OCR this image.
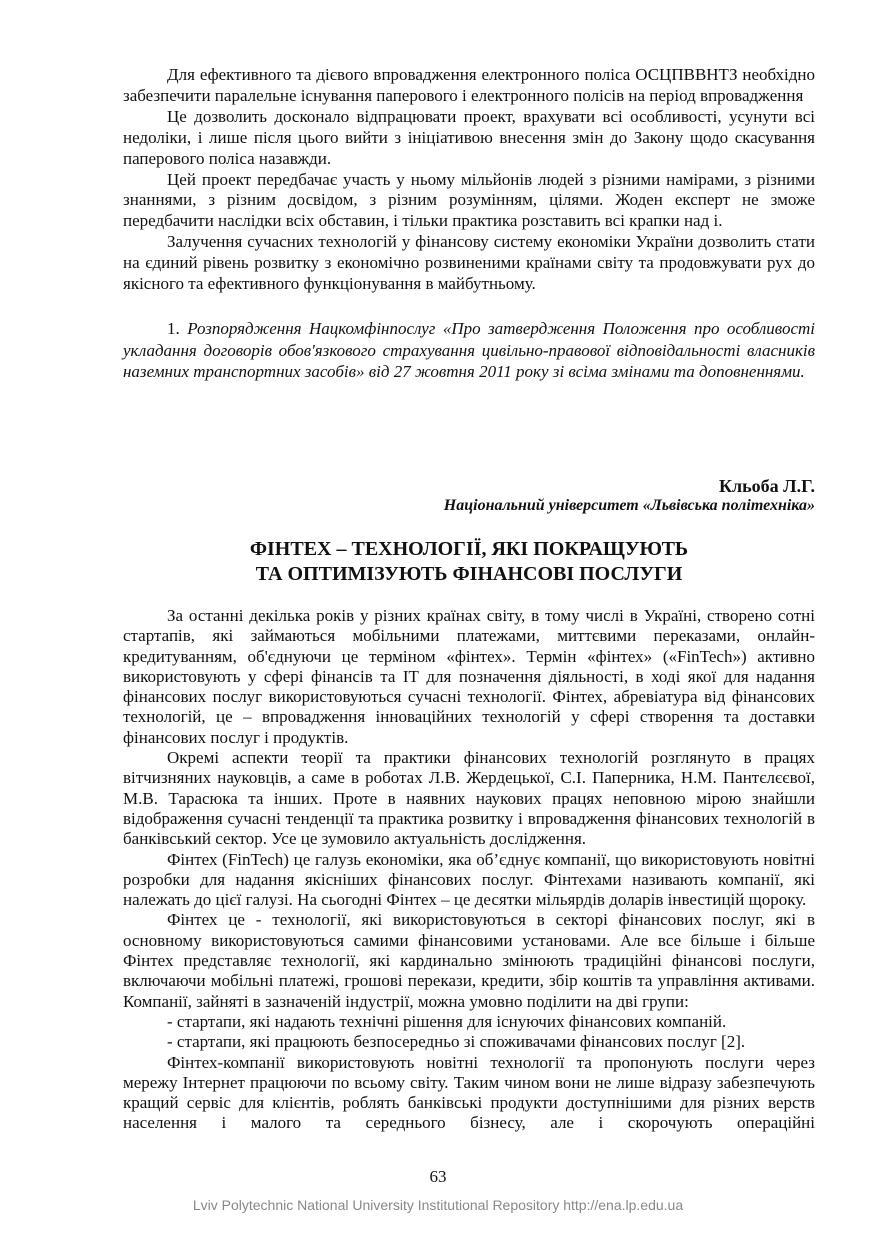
Для ефективного та дієвого впровадження електронного поліса ОСЦПВВНТЗ необхідно забезпечити паралельне існування паперового і електронного полісів на період впровадження

Це дозволить досконало відпрацювати проект, врахувати всі особливості, усунути всі недоліки, і лише після цього вийти з ініціативою внесення змін до Закону щодо скасування паперового поліса назавжди.

Цей проект передбачає участь у ньому мільйонів людей з різними намірами, з різними знаннями, з різним досвідом, з різним розумінням, цілями. Жоден експерт не зможе передбачити наслідки всіх обставин, і тільки практика розставить всі крапки над і.

Залучення сучасних технологій у фінансову систему економіки України дозволить стати на єдиний рівень розвитку з економічно розвиненими країнами світу та продовжувати рух до якісного та ефективного функціонування в майбутньому.

1. Розпорядження Нацкомфінпослуг «Про затвердження Положення про особливості укладання договорів обов'язкового страхування цивільно-правової відповідальності власників наземних транспортних засобів» від 27 жовтня 2011 року зі всіма змінами та доповненнями.

Кльоба Л.Г.
Національний університет «Львівська політехніка»
ФІНТЕХ – ТЕХНОЛОГІЇ, ЯКІ ПОКРАЩУЮТЬ
ТА ОПТИМІЗУЮТЬ ФІНАНСОВІ ПОСЛУГИ

За останні декілька років у різних країнах світу, в тому числі в Україні, створено сотні стартапів, які займаються мобільними платежами, миттєвими переказами, онлайн-кредитуванням, об'єднуючи це терміном «фінтех». Термін «фінтех» («FinTech») активно використовують у сфері фінансів та ІТ для позначення діяльності, в ході якої для надання фінансових послуг використовуються сучасні технології. Фінтех, абревіатура від фінансових технологій, це – впровадження інноваційних технологій у сфері створення та доставки фінансових послуг і продуктів.

Окремі аспекти теорії та практики фінансових технологій розглянуто в працях вітчизняних науковців, а саме в роботах Л.В. Жердецької, С.І. Паперника, Н.М. Пантєлєєвої, М.В. Тарасюка та інших. Проте в наявних наукових працях неповною мірою знайшли відображення сучасні тенденції та практика розвитку і впровадження фінансових технологій в банківський сектор. Усе це зумовило актуальність дослідження.

Фінтех (FinTech) це галузь економіки, яка об’єднує компанії, що використовують новітні розробки для надання якісніших фінансових послуг. Фінтехами називають компанії, які належать до цієї галузі. На сьогодні Фінтех – це десятки мільярдів доларів інвестицій щороку.

Фінтех це - технології, які використовуються в секторі фінансових послуг, які в основному використовуються самими фінансовими установами. Але все більше і більше Фінтех представляє технології, які кардинально змінюють традиційні фінансові послуги, включаючи мобільні платежі, грошові перекази, кредити, збір коштів та управління активами. Компанії, зайняті в зазначеній індустрії, можна умовно поділити на дві групи:

- стартапи, які надають технічні рішення для існуючих фінансових компаній.

- стартапи, які працюють безпосередньо зі споживачами фінансових послуг [2].

Фінтех-компанії використовують новітні технології та пропонують послуги через мережу Інтернет працюючи по всьому світу. Таким чином вони не лише відразу забезпечують кращий сервіс для клієнтів, роблять банківські продукти доступнішими для різних верств населення і малого та середнього бізнесу, але і скорочують операційні

63
Lviv Polytechnic National University Institutional Repository http://ena.lp.edu.ua
